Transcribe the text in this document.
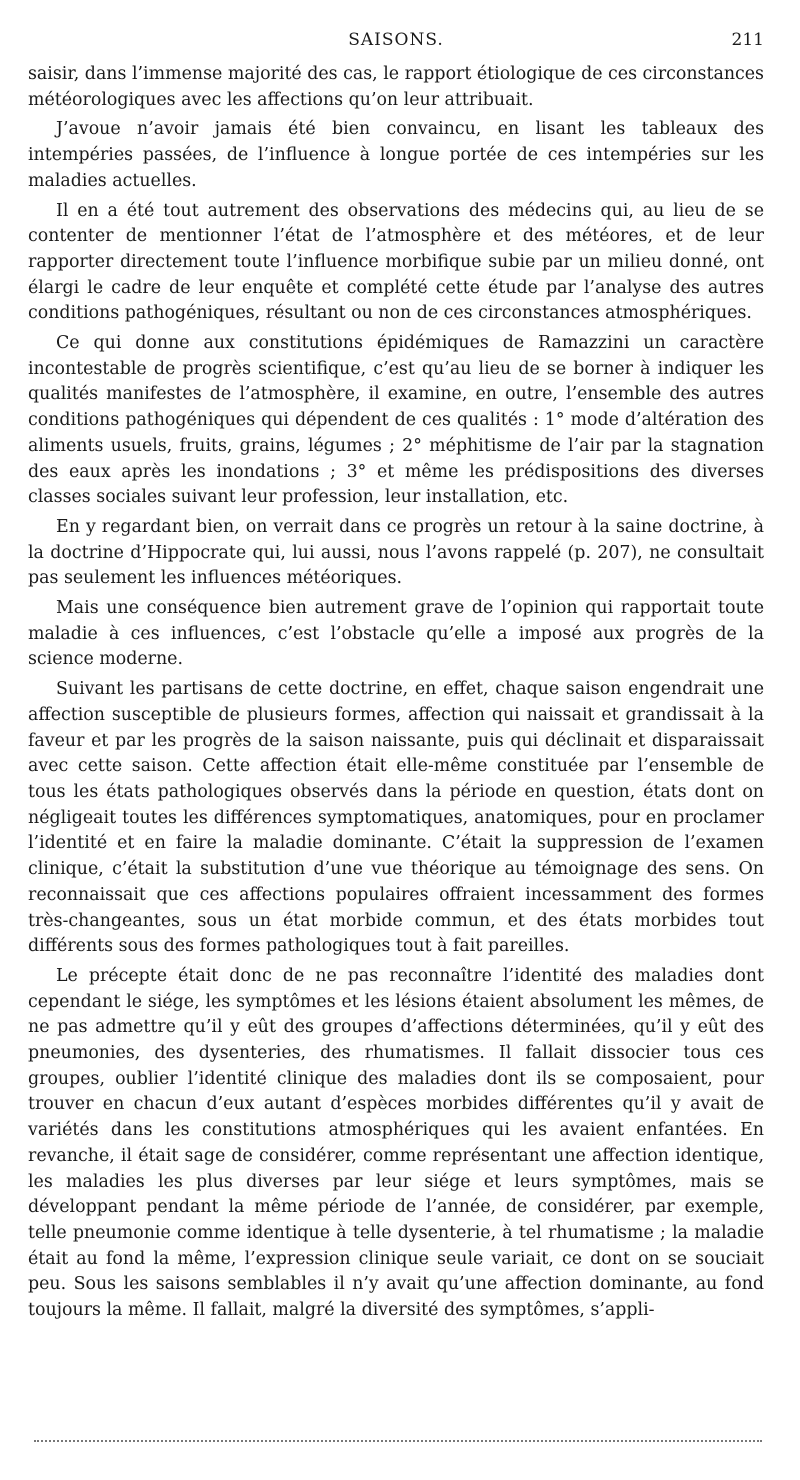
SAISONS.	211

saisir, dans l’immense majorité des cas, le rapport étiologique de ces circonstances météorologiques avec les affections qu’on leur attribuait.

J’avoue n’avoir jamais été bien convaincu, en lisant les tableaux des intempéries passées, de l’influence à longue portée de ces intempéries sur les maladies actuelles.

Il en a été tout autrement des observations des médecins qui, au lieu de se contenter de mentionner l’état de l’atmosphère et des météores, et de leur rapporter directement toute l’influence morbifique subie par un milieu donné, ont élargi le cadre de leur enquête et complété cette étude par l’analyse des autres conditions pathogéniques, résultant ou non de ces circonstances atmosphériques.

Ce qui donne aux constitutions épidémiques de Ramazzini un caractère incontestable de progrès scientifique, c’est qu’au lieu de se borner à indiquer les qualités manifestes de l’atmosphère, il examine, en outre, l’ensemble des autres conditions pathogéniques qui dépendent de ces qualités : 1° mode d’altération des aliments usuels, fruits, grains, légumes ; 2° méphitisme de l’air par la stagnation des eaux après les inondations ; 3° et même les prédispositions des diverses classes sociales suivant leur profession, leur installation, etc.

En y regardant bien, on verrait dans ce progrès un retour à la saine doctrine, à la doctrine d’Hippocrate qui, lui aussi, nous l’avons rappelé (p. 207), ne consultait pas seulement les influences météoriques.

Mais une conséquence bien autrement grave de l’opinion qui rapportait toute maladie à ces influences, c’est l’obstacle qu’elle a imposé aux progrès de la science moderne.

Suivant les partisans de cette doctrine, en effet, chaque saison engendrait une affection susceptible de plusieurs formes, affection qui naissait et grandissait à la faveur et par les progrès de la saison naissante, puis qui déclinait et disparaissait avec cette saison. Cette affection était elle-même constituée par l’ensemble de tous les états pathologiques observés dans la période en question, états dont on négligeait toutes les différences symptomatiques, anatomiques, pour en proclamer l’identité et en faire la maladie dominante. C’était la suppression de l’examen clinique, c’était la substitution d’une vue théorique au témoignage des sens. On reconnaissait que ces affections populaires offraient incessamment des formes très-changeantes, sous un état morbide commun, et des états morbides tout différents sous des formes pathologiques tout à fait pareilles.

Le précepte était donc de ne pas reconnaître l’identité des maladies dont cependant le siége, les symptômes et les lésions étaient absolument les mêmes, de ne pas admettre qu’il y eût des groupes d’affections déterminées, qu’il y eût des pneumonies, des dysenteries, des rhumatismes. Il fallait dissocier tous ces groupes, oublier l’identité clinique des maladies dont ils se composaient, pour trouver en chacun d’eux autant d’espèces morbides différentes qu’il y avait de variétés dans les constitutions atmosphériques qui les avaient enfantées. En revanche, il était sage de considérer, comme représentant une affection identique, les maladies les plus diverses par leur siége et leurs symptômes, mais se développant pendant la même période de l’année, de considérer, par exemple, telle pneumonie comme identique à telle dysenterie, à tel rhumatisme ; la maladie était au fond la même, l’expression clinique seule variait, ce dont on se souciait peu. Sous les saisons semblables il n’y avait qu’une affection dominante, au fond toujours la même. Il fallait, malgré la diversité des symptômes, s’appli-
